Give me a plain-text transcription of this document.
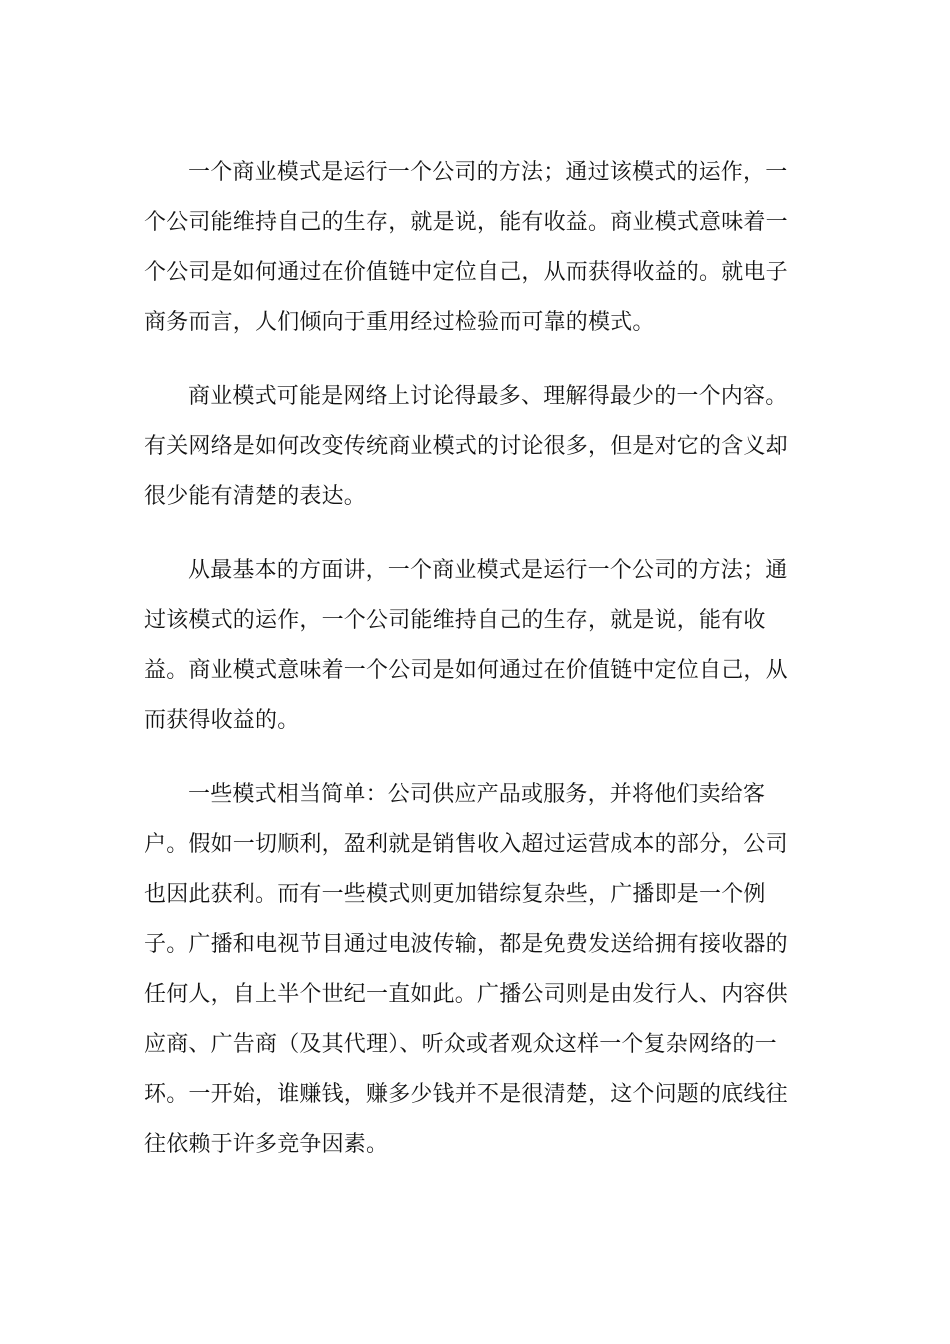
一个商业模式是运行一个公司的方法；通过该模式的运作，一个公司能维持自己的生存，就是说，能有收益。商业模式意味着一个公司是如何通过在价值链中定位自己，从而获得收益的。就电子商务而言，人们倾向于重用经过检验而可靠的模式。

商业模式可能是网络上讨论得最多、理解得最少的一个内容。有关网络是如何改变传统商业模式的讨论很多，但是对它的含义却很少能有清楚的表达。

从最基本的方面讲，一个商业模式是运行一个公司的方法；通过该模式的运作，一个公司能维持自己的生存，就是说，能有收益。商业模式意味着一个公司是如何通过在价值链中定位自己，从而获得收益的。

一些模式相当简单：公司供应产品或服务，并将他们卖给客户。假如一切顺利，盈利就是销售收入超过运营成本的部分，公司也因此获利。而有一些模式则更加错综复杂些，广播即是一个例子。广播和电视节目通过电波传输，都是免费发送给拥有接收器的任何人，自上半个世纪一直如此。广播公司则是由发行人、内容供应商、广告商（及其代理）、听众或者观众这样一个复杂网络的一环。一开始，谁赚钱，赚多少钱并不是很清楚，这个问题的底线往往依赖于许多竞争因素。
